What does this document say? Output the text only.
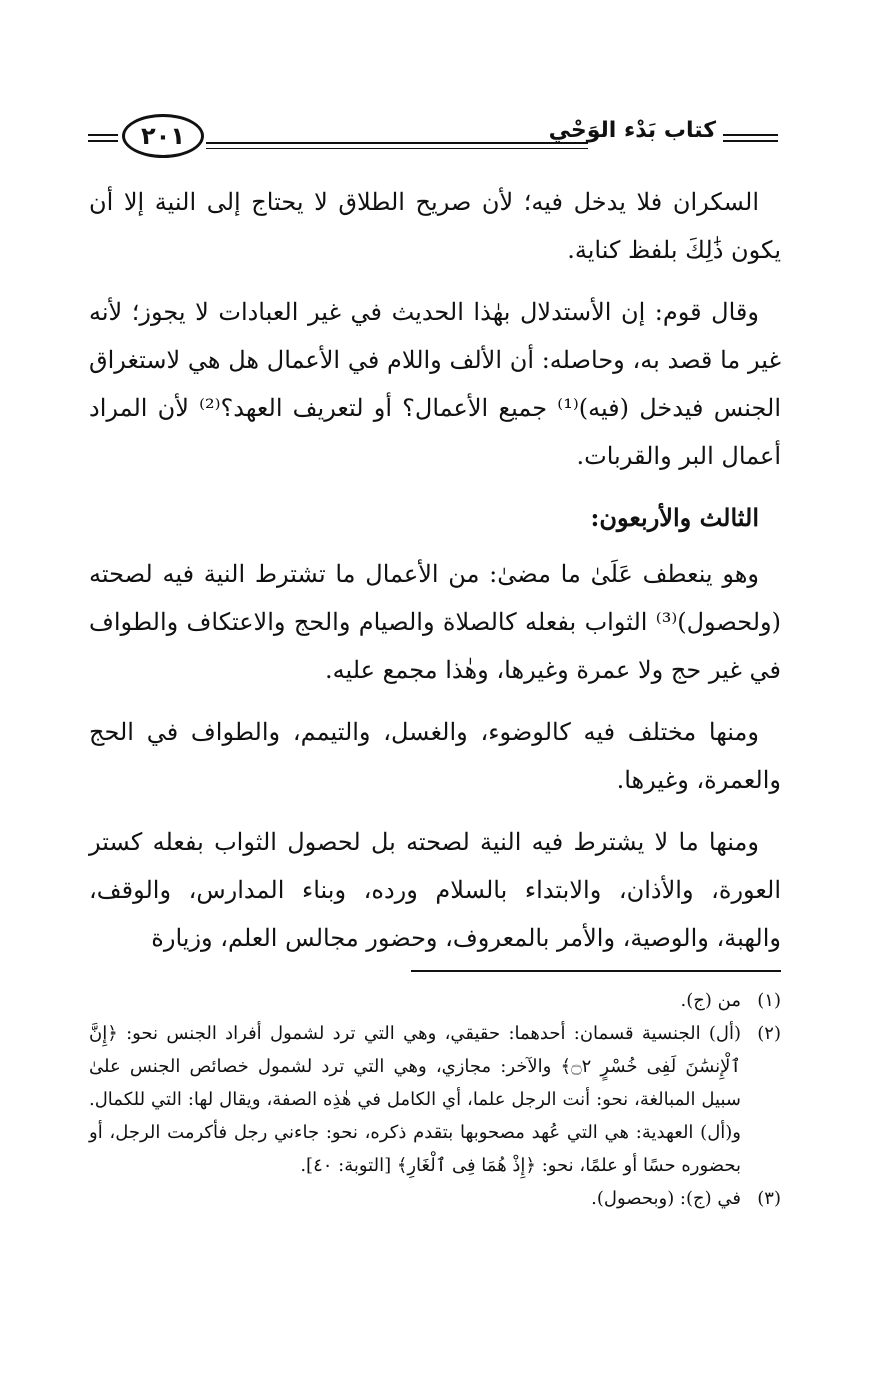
كتاب بَدْء الوَحْي
٢٠١

السكران فلا يدخل فيه؛ لأن صريح الطلاق لا يحتاج إلى النية إلا أن يكون ذَٰلِكَ بلفظ كناية.

وقال قوم: إن الأستدلال بهٰذا الحديث في غير العبادات لا يجوز؛ لأنه غير ما قصد به، وحاصله: أن الألف واللام في الأعمال هل هي لاستغراق الجنس فيدخل (فيه)⁽¹⁾ جميع الأعمال؟ أو لتعريف العهد؟⁽²⁾ لأن المراد أعمال البر والقربات.

الثالث والأربعون:

وهو ينعطف عَلَىٰ ما مضىٰ: من الأعمال ما تشترط النية فيه لصحته (ولحصول)⁽³⁾ الثواب بفعله كالصلاة والصيام والحج والاعتكاف والطواف في غير حج ولا عمرة وغيرها، وهٰذا مجمع عليه.

ومنها مختلف فيه كالوضوء، والغسل، والتيمم، والطواف في الحج والعمرة، وغيرها.

ومنها ما لا يشترط فيه النية لصحته بل لحصول الثواب بفعله كستر العورة، والأذان، والابتداء بالسلام ورده، وبناء المدارس، والوقف، والهبة، والوصية، والأمر بالمعروف، وحضور مجالس العلم، وزيارة

(١)
من (ج).
(٢)
(أل) الجنسية قسمان: أحدهما: حقيقي، وهي التي ترد لشمول أفراد الجنس نحو: ﴿إِنَّ ٱلْإِنسَٰنَ لَفِى خُسْرٍ ۝٢﴾ والآخر: مجازي، وهي التي ترد لشمول خصائص الجنس علىٰ سبيل المبالغة، نحو: أنت الرجل علما، أي الكامل في هٰذِه الصفة، ويقال لها: التي للكمال. و(أل) العهدية: هي التي عُهد مصحوبها بتقدم ذكره، نحو: جاءني رجل فأكرمت الرجل، أو بحضوره حسًا أو علمًا، نحو: ﴿إِذْ هُمَا فِى ٱلْغَارِ﴾ [التوبة: ٤٠].
(٣)
في (ج): (وبحصول).
